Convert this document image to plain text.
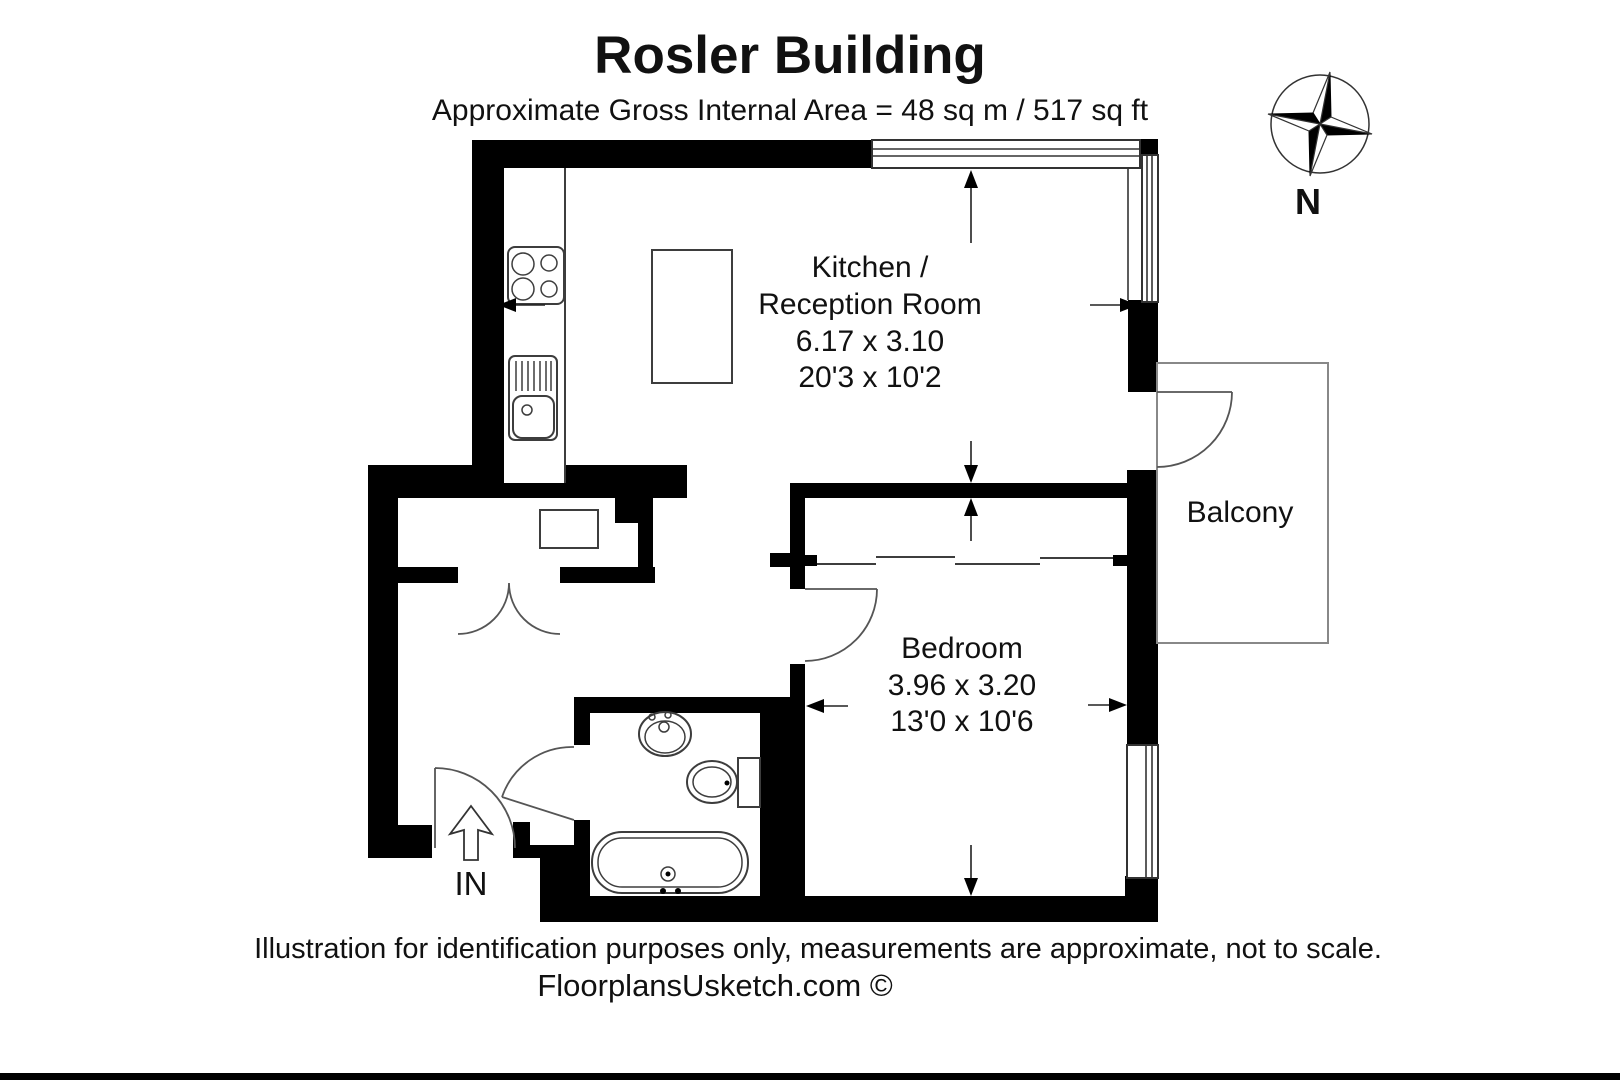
Rosler Building
Approximate Gross Internal Area = 48 sq m / 517 sq ft
IN
Kitchen /
Reception Room
6.17 x 3.10
20'3 x 10'2
Bedroom
3.96 x 3.20
13'0 x 10'6
Balcony
N
Illustration for identification purposes only, measurements are approximate, not to scale.
FloorplansUsketch.com ©
